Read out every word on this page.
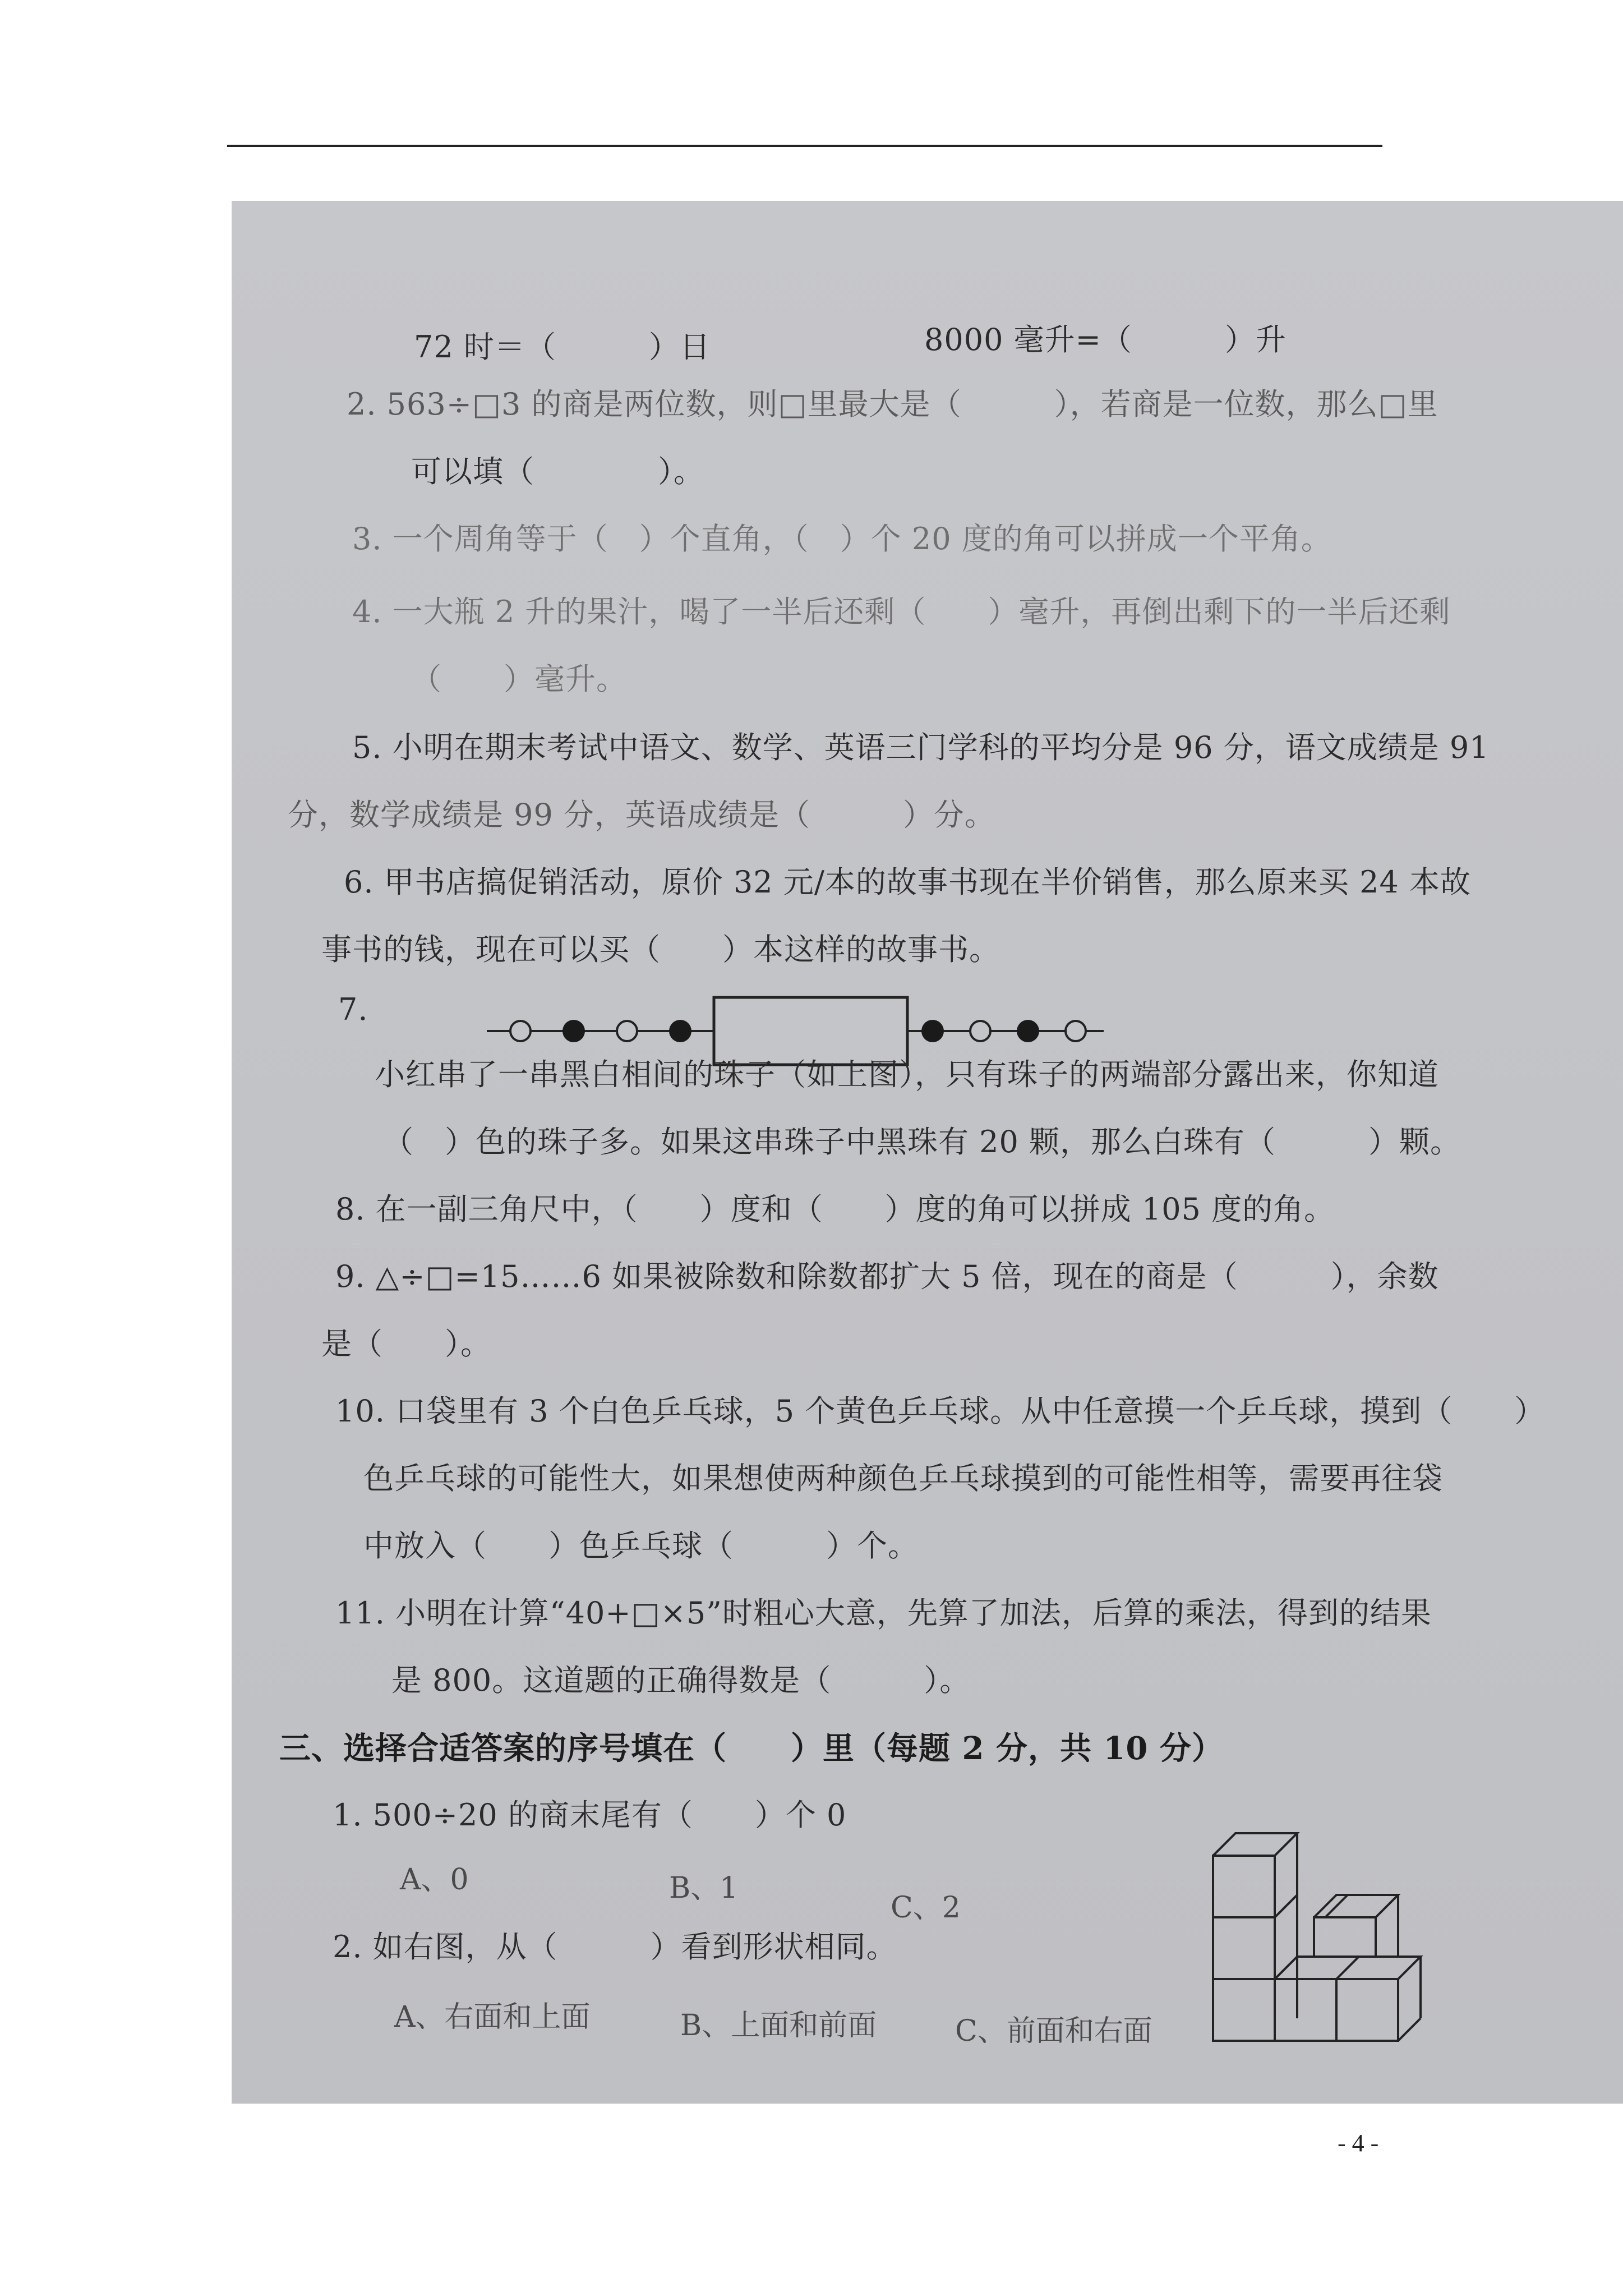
72 时＝（　　　）日	8000 毫升=（　　　）升
2. 563÷□3 的商是两位数，则□里最大是（　　　），若商是一位数，那么□里
可以填（　　　　）。
3. 一个周角等于（　）个直角，（　）个 20 度的角可以拼成一个平角。
4. 一大瓶 2 升的果汁，喝了一半后还剩（　　）毫升，再倒出剩下的一半后还剩
（　　）毫升。
5. 小明在期末考试中语文、数学、英语三门学科的平均分是 96 分，语文成绩是 91
分，数学成绩是 99 分，英语成绩是（　　　）分。
6. 甲书店搞促销活动，原价 32 元/本的故事书现在半价销售，那么原来买 24 本故
事书的钱，现在可以买（　　）本这样的故事书。
7.
小红串了一串黑白相间的珠子（如上图），只有珠子的两端部分露出来，你知道
（　）色的珠子多。如果这串珠子中黑珠有 20 颗，那么白珠有（　　　）颗。
8. 在一副三角尺中，（　　）度和（　　）度的角可以拼成 105 度的角。
9. △÷□=15……6 如果被除数和除数都扩大 5 倍，现在的商是（　　　），余数
是（　　）。
10. 口袋里有 3 个白色乒乓球，5 个黄色乒乓球。从中任意摸一个乒乓球，摸到（　　）
色乒乓球的可能性大，如果想使两种颜色乒乓球摸到的可能性相等，需要再往袋
中放入（　　）色乒乓球（　　　）个。
11. 小明在计算“40+□×5”时粗心大意，先算了加法，后算的乘法，得到的结果
是 800。这道题的正确得数是（　　　）。
三、选择合适答案的序号填在（　　）里（每题 2 分，共 10 分）
1. 500÷20 的商末尾有（　　）个 0
A、0	B、1
C、2
2. 如右图，从（　　　）看到形状相同。
A、右面和上面	B、上面和前面	C、前面和右面
- 4 -
